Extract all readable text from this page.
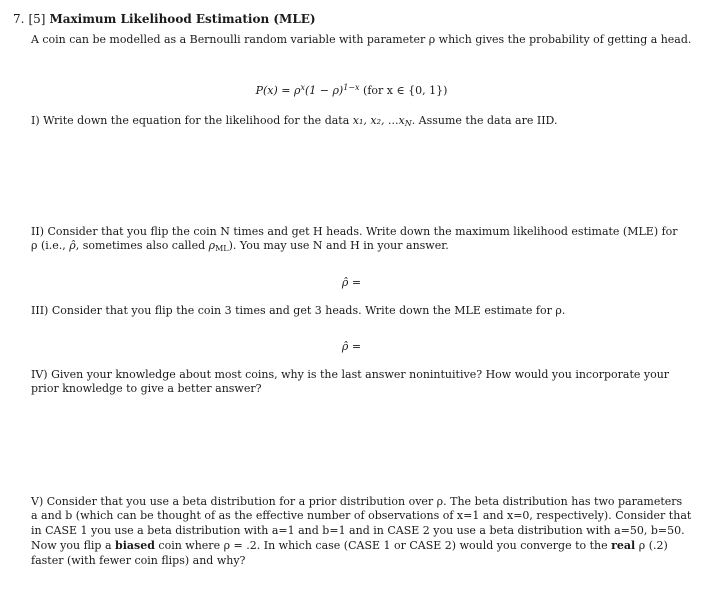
7. [5] Maximum Likelihood Estimation (MLE)
A coin can be modelled as a Bernoulli random variable with parameter ρ which gives the probability of getting a head.
$P(x) = \rho^x(1 - \rho)^{1-x}$ (for x ∈ {0, 1})
I) Write down the equation for the likelihood for the data x₁, x₂, $...x_N$. Assume the data are IID.
II) Consider that you flip the coin N times and get H heads. Write down the maximum likelihood estimate (MLE) for
ρ (i.e., ρ̂, sometimes also called $\rho_{ML}$). You may use N and H in your answer.
ρ̂ =
III) Consider that you flip the coin 3 times and get 3 heads. Write down the MLE estimate for ρ.
ρ̂ =
IV) Given your knowledge about most coins, why is the last answer nonintuitive? How would you incorporate your
prior knowledge to give a better answer?
V) Consider that you use a beta distribution for a prior distribution over ρ. The beta distribution has two parameters
a and b (which can be thought of as the effective number of observations of x=1 and x=0, respectively). Consider that
in CASE 1 you use a beta distribution with a=1 and b=1 and in CASE 2 you use a beta distribution with a=50, b=50.
Now you flip a biased coin where ρ = .2. In which case (CASE 1 or CASE 2) would you converge to the real ρ (.2)
faster (with fewer coin flips) and why?
